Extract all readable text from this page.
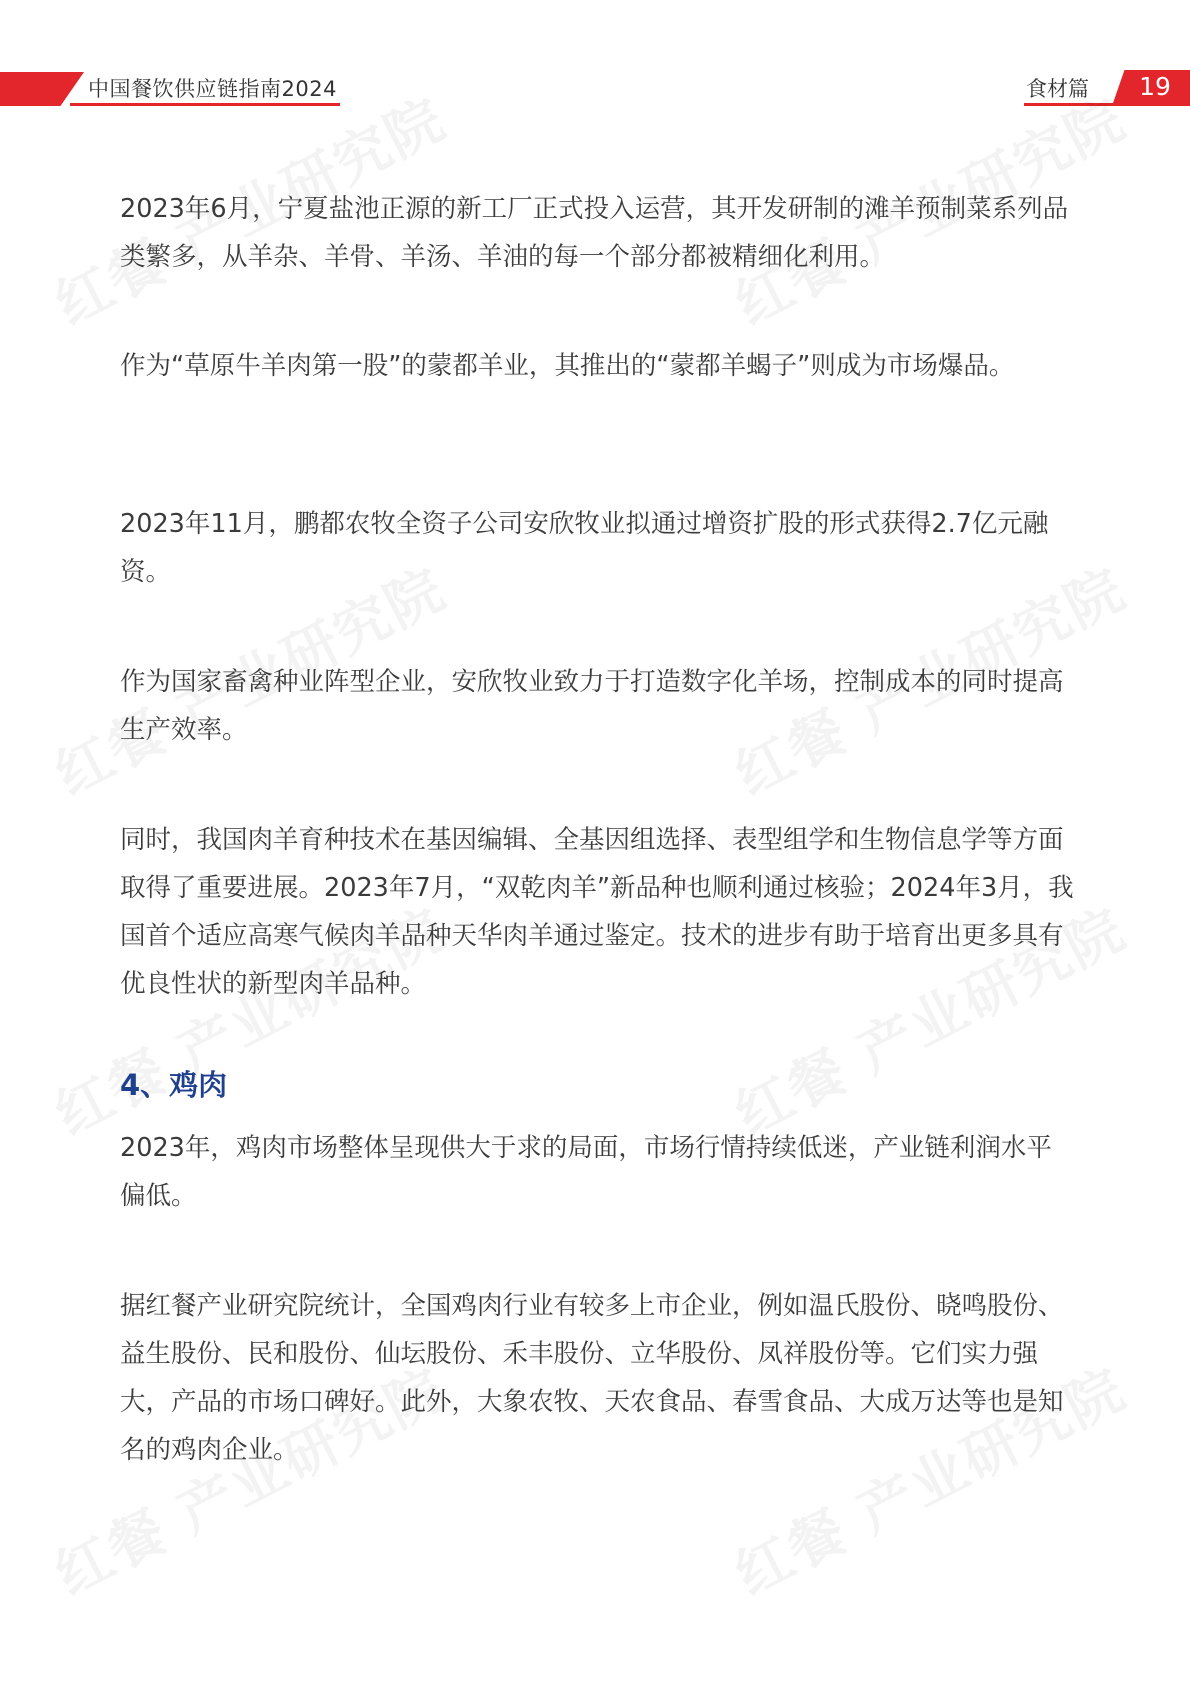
中国餐饮供应链指南2024	食材篇	19

2023年6月，宁夏盐池正源的新工厂正式投入运营，其开发研制的滩羊预制菜系列品类繁多，从羊杂、羊骨、羊汤、羊油的每一个部分都被精细化利用。

作为“草原牛羊肉第一股”的蒙都羊业，其推出的“蒙都羊蝎子”则成为市场爆品。

2023年11月，鹏都农牧全资子公司安欣牧业拟通过增资扩股的形式获得2.7亿元融资。

作为国家畜禽种业阵型企业，安欣牧业致力于打造数字化羊场，控制成本的同时提高生产效率。

同时，我国肉羊育种技术在基因编辑、全基因组选择、表型组学和生物信息学等方面取得了重要进展。2023年7月，“双乾肉羊”新品种也顺利通过核验；2024年3月，我国首个适应高寒气候肉羊品种天华肉羊通过鉴定。技术的进步有助于培育出更多具有优良性状的新型肉羊品种。

4、鸡肉

2023年，鸡肉市场整体呈现供大于求的局面，市场行情持续低迷，产业链利润水平偏低。

据红餐产业研究院统计，全国鸡肉行业有较多上市企业，例如温氏股份、晓鸣股份、益生股份、民和股份、仙坛股份、禾丰股份、立华股份、凤祥股份等。它们实力强大，产品的市场口碑好。此外，大象农牧、天农食品、春雪食品、大成万达等也是知名的鸡肉企业。
